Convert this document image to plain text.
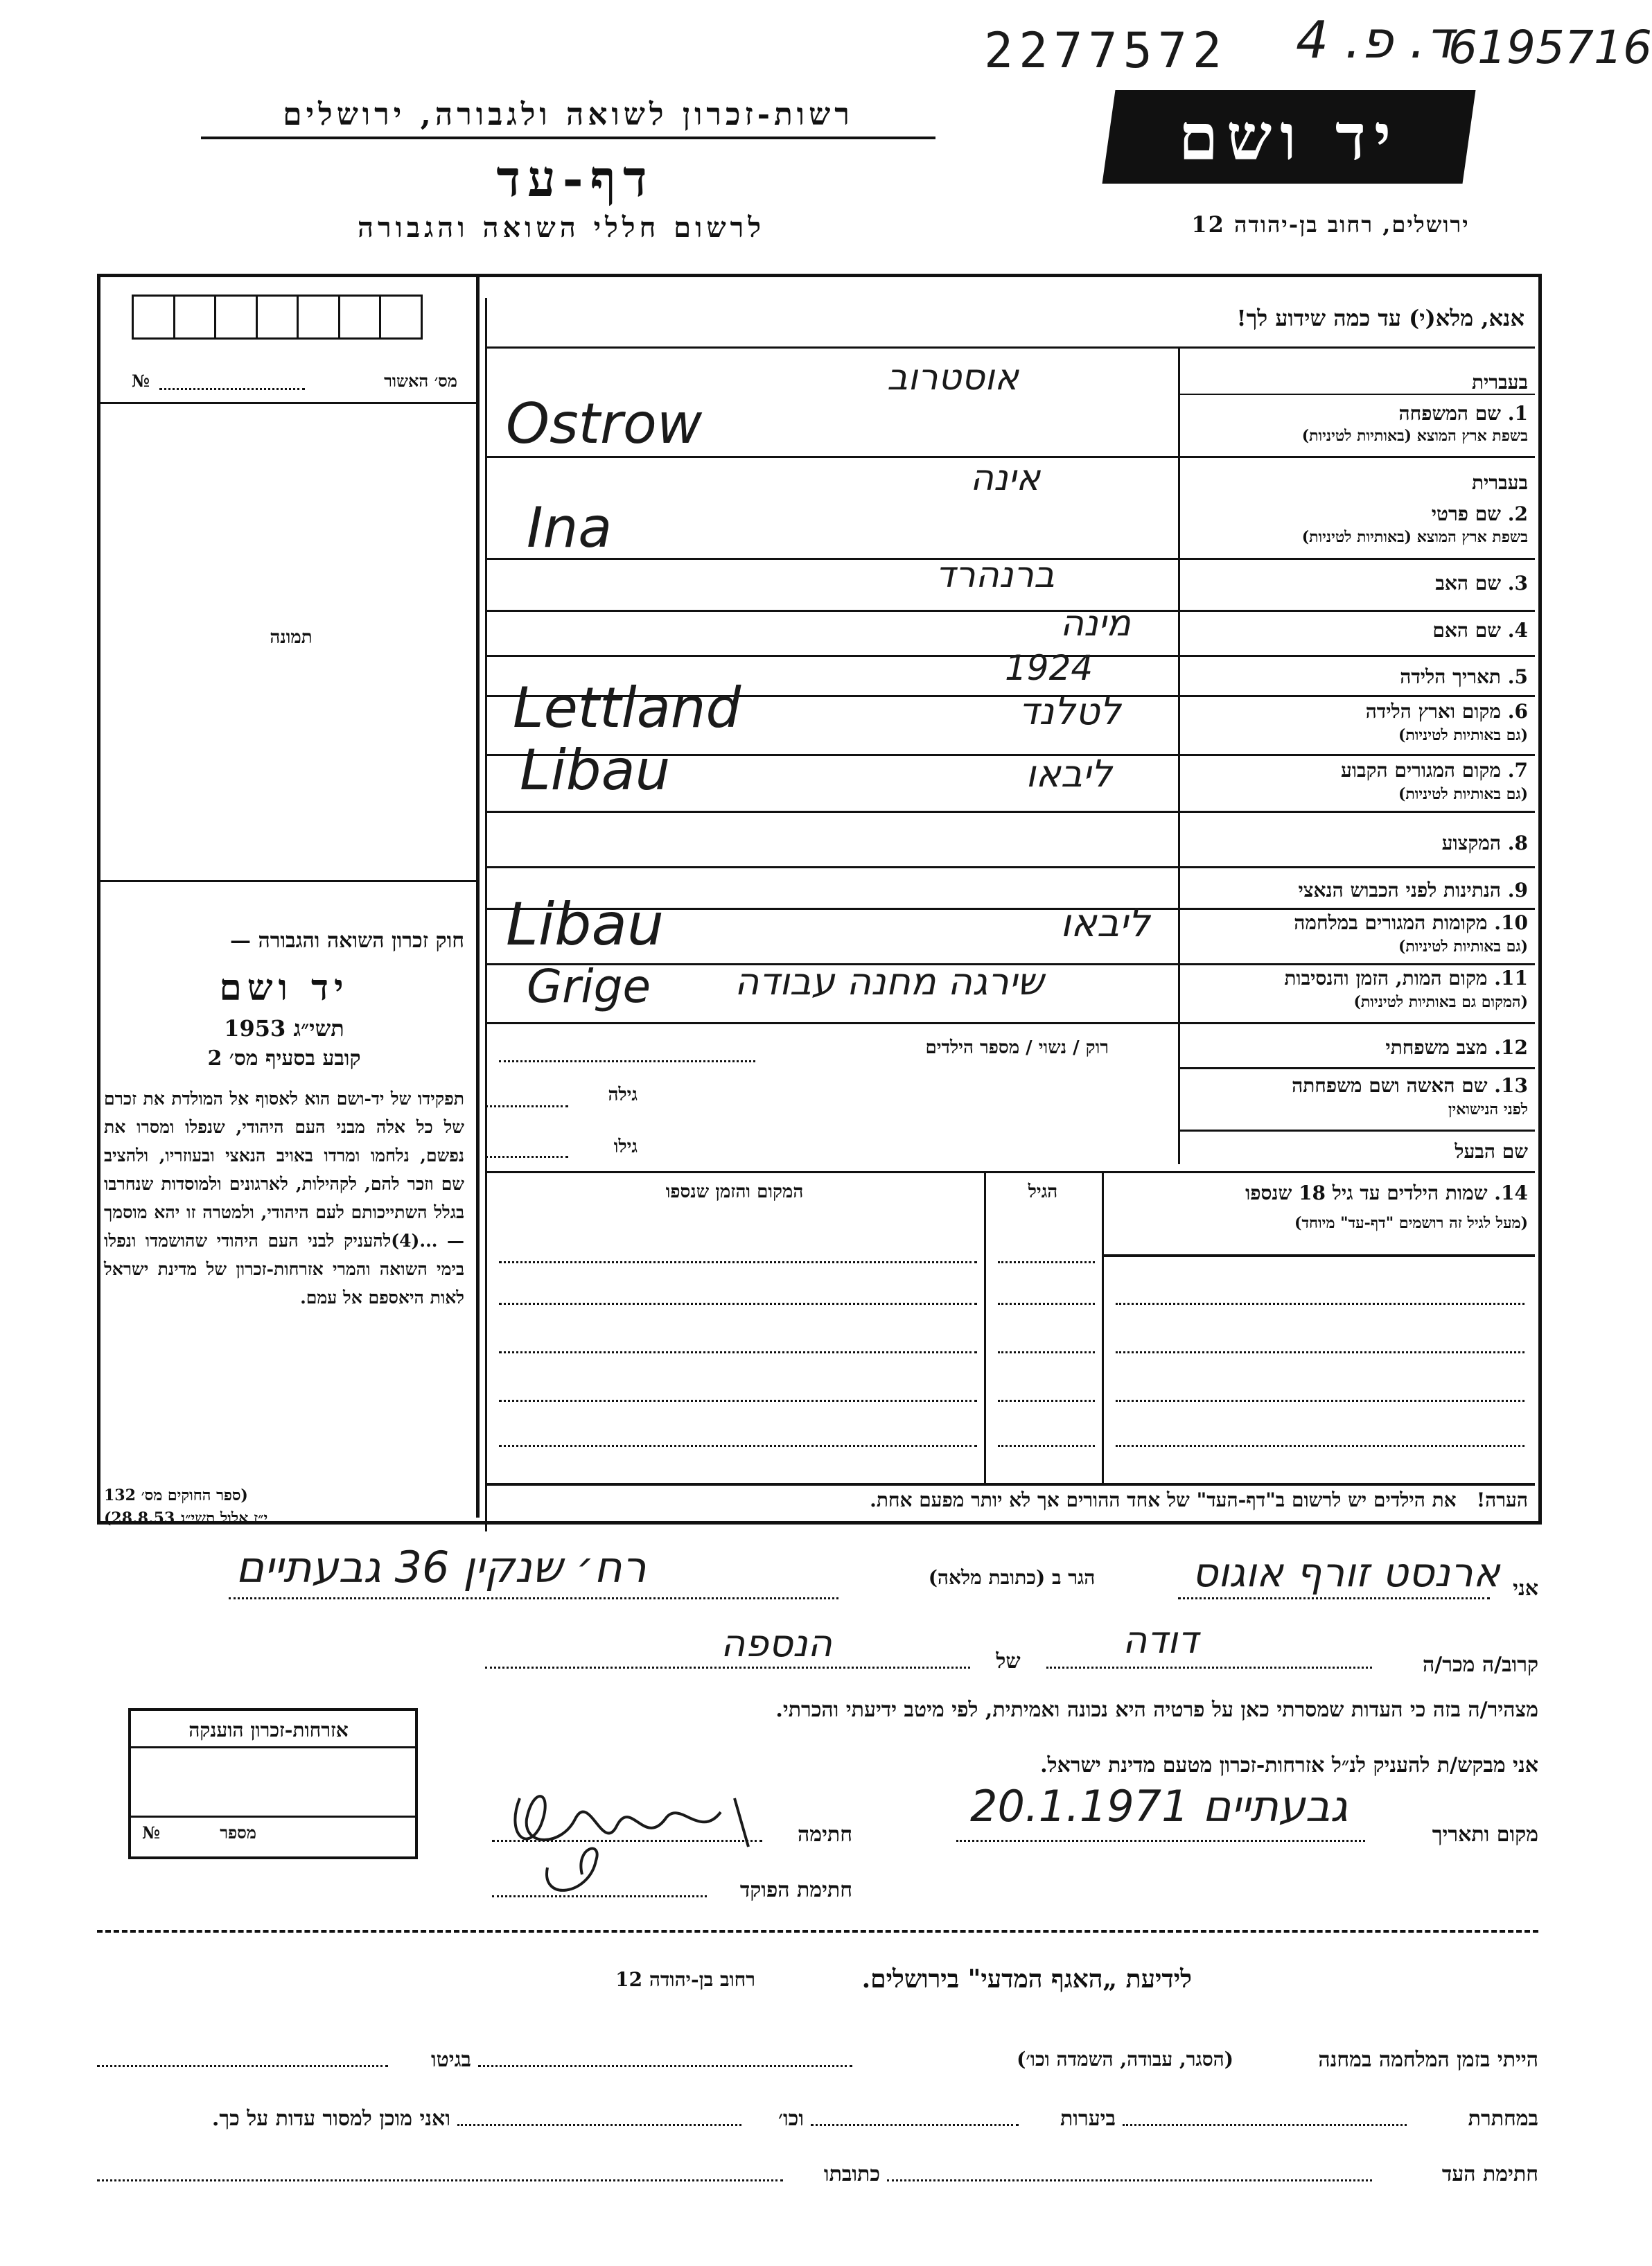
2277572 ד. פ. 4
6195716
רשות-זכרון לשואה ולגבורה, ירושלים
דף-עד
לרשום חללי השואה והגבורה
יד ושם
ירושלים, רחוב בן-יהודה 12
אנא, מלא(י) עד כמה שידוע לך!
מס׳ האשור
№
תמונה
חוק זכרון השואה והגבורה —
יד ושם
תשי״ג 1953
קובע בסעיף מס׳ 2
תפקידו של יד-ושם הוא לאסוף אל המולדת את זכרם של כל אלה מבני העם היהודי, שנפלו ומסרו את נפשם, נלחמו ומרדו באויב הנאצי ובעוזריו, ולהציב שם וזכר להם, לקהילות, לארגונים ולמוסדות שנחרבו בגלל השתייכותם לעם היהודי, ולמטרה זו יהא מוסמך — ...(4)להעניק לבני העם היהודי שהושמדו ונפלו בימי השואה והמרי אזרחות-זכרון של מדינת ישראל לאות היאספם אל עמם.
(ספר החוקים מס׳ 132
י״ז אלול תשי״ג 28.8.53)
בעברית
1. שם המשפחה
בשפת ארץ המוצא (באותיות לטיניות)
אוסטרוב
Ostrow
בעברית
2. שם פרטי
בשפת ארץ המוצא (באותיות לטיניות)
אינה
Ina
3. שם האב
ברנהרד
4. שם האם
מינה
5. תאריך הלידה
1924
6. מקום וארץ הלידה
(גם באותיות לטיניות)
לטלנד
Lettland
7. מקום המגורים הקבוע
(גם באותיות לטיניות)
ליבאו
Libau
8. המקצוע
9. הנתינות לפני הכבוש הנאצי
10. מקומות המגורים במלחמה
(גם באותיות לטיניות)
ליבאו
Libau
11. מקום המות, הזמן והנסיבות
(המקום גם באותיות לטיניות)
שירגה מחנה עבודה
Grige
12. מצב משפחתי
רוק / נשוי / מספר הילדים
13. שם האשה ושם משפחתה
לפני הנישואין
גילה
שם הבעל
גילו
14. שמות הילדים עד גיל 18 שנספו
(מעל לגיל זה רושמים "דף-עד" מיוחד)
הגיל
המקום והזמן שנספו
הערה!   את הילדים יש לרשום ב"דף-העד" של אחד ההורים אך לא יותר מפעם אחת.
אני
ארנסט זורף אוגוס
הגר ב (כתובת מלאה)
רח׳ שנקין 36 גבעתיים
קרוב/ה מכר/ה
דודה
של
הנספה
מצהיר/ה בזה כי העדות שמסרתי כאן על פרטיה היא נכונה ואמיתית, לפי מיטב ידיעתי והכרתי.
אני מבקש/ת להעניק לנ״ל אזרחות-זכרון מטעם מדינת ישראל.
אזרחות-זכרון הוענקה
מספר
№	מקום ותאריך
גבעתיים 20.1.1971
חתימה
חתימת הפוקד
לידיעת „האגף המדעי" בירושלים.
רחוב בן-יהודה 12
הייתי בזמן המלחמה במחנה
(הסגר, עבודה, השמדה וכו׳)
בגיטו
במחתרת
ביערות
וכו׳
ואני מוכן למסור עדות על כך.
חתימת העד
כתובתו
